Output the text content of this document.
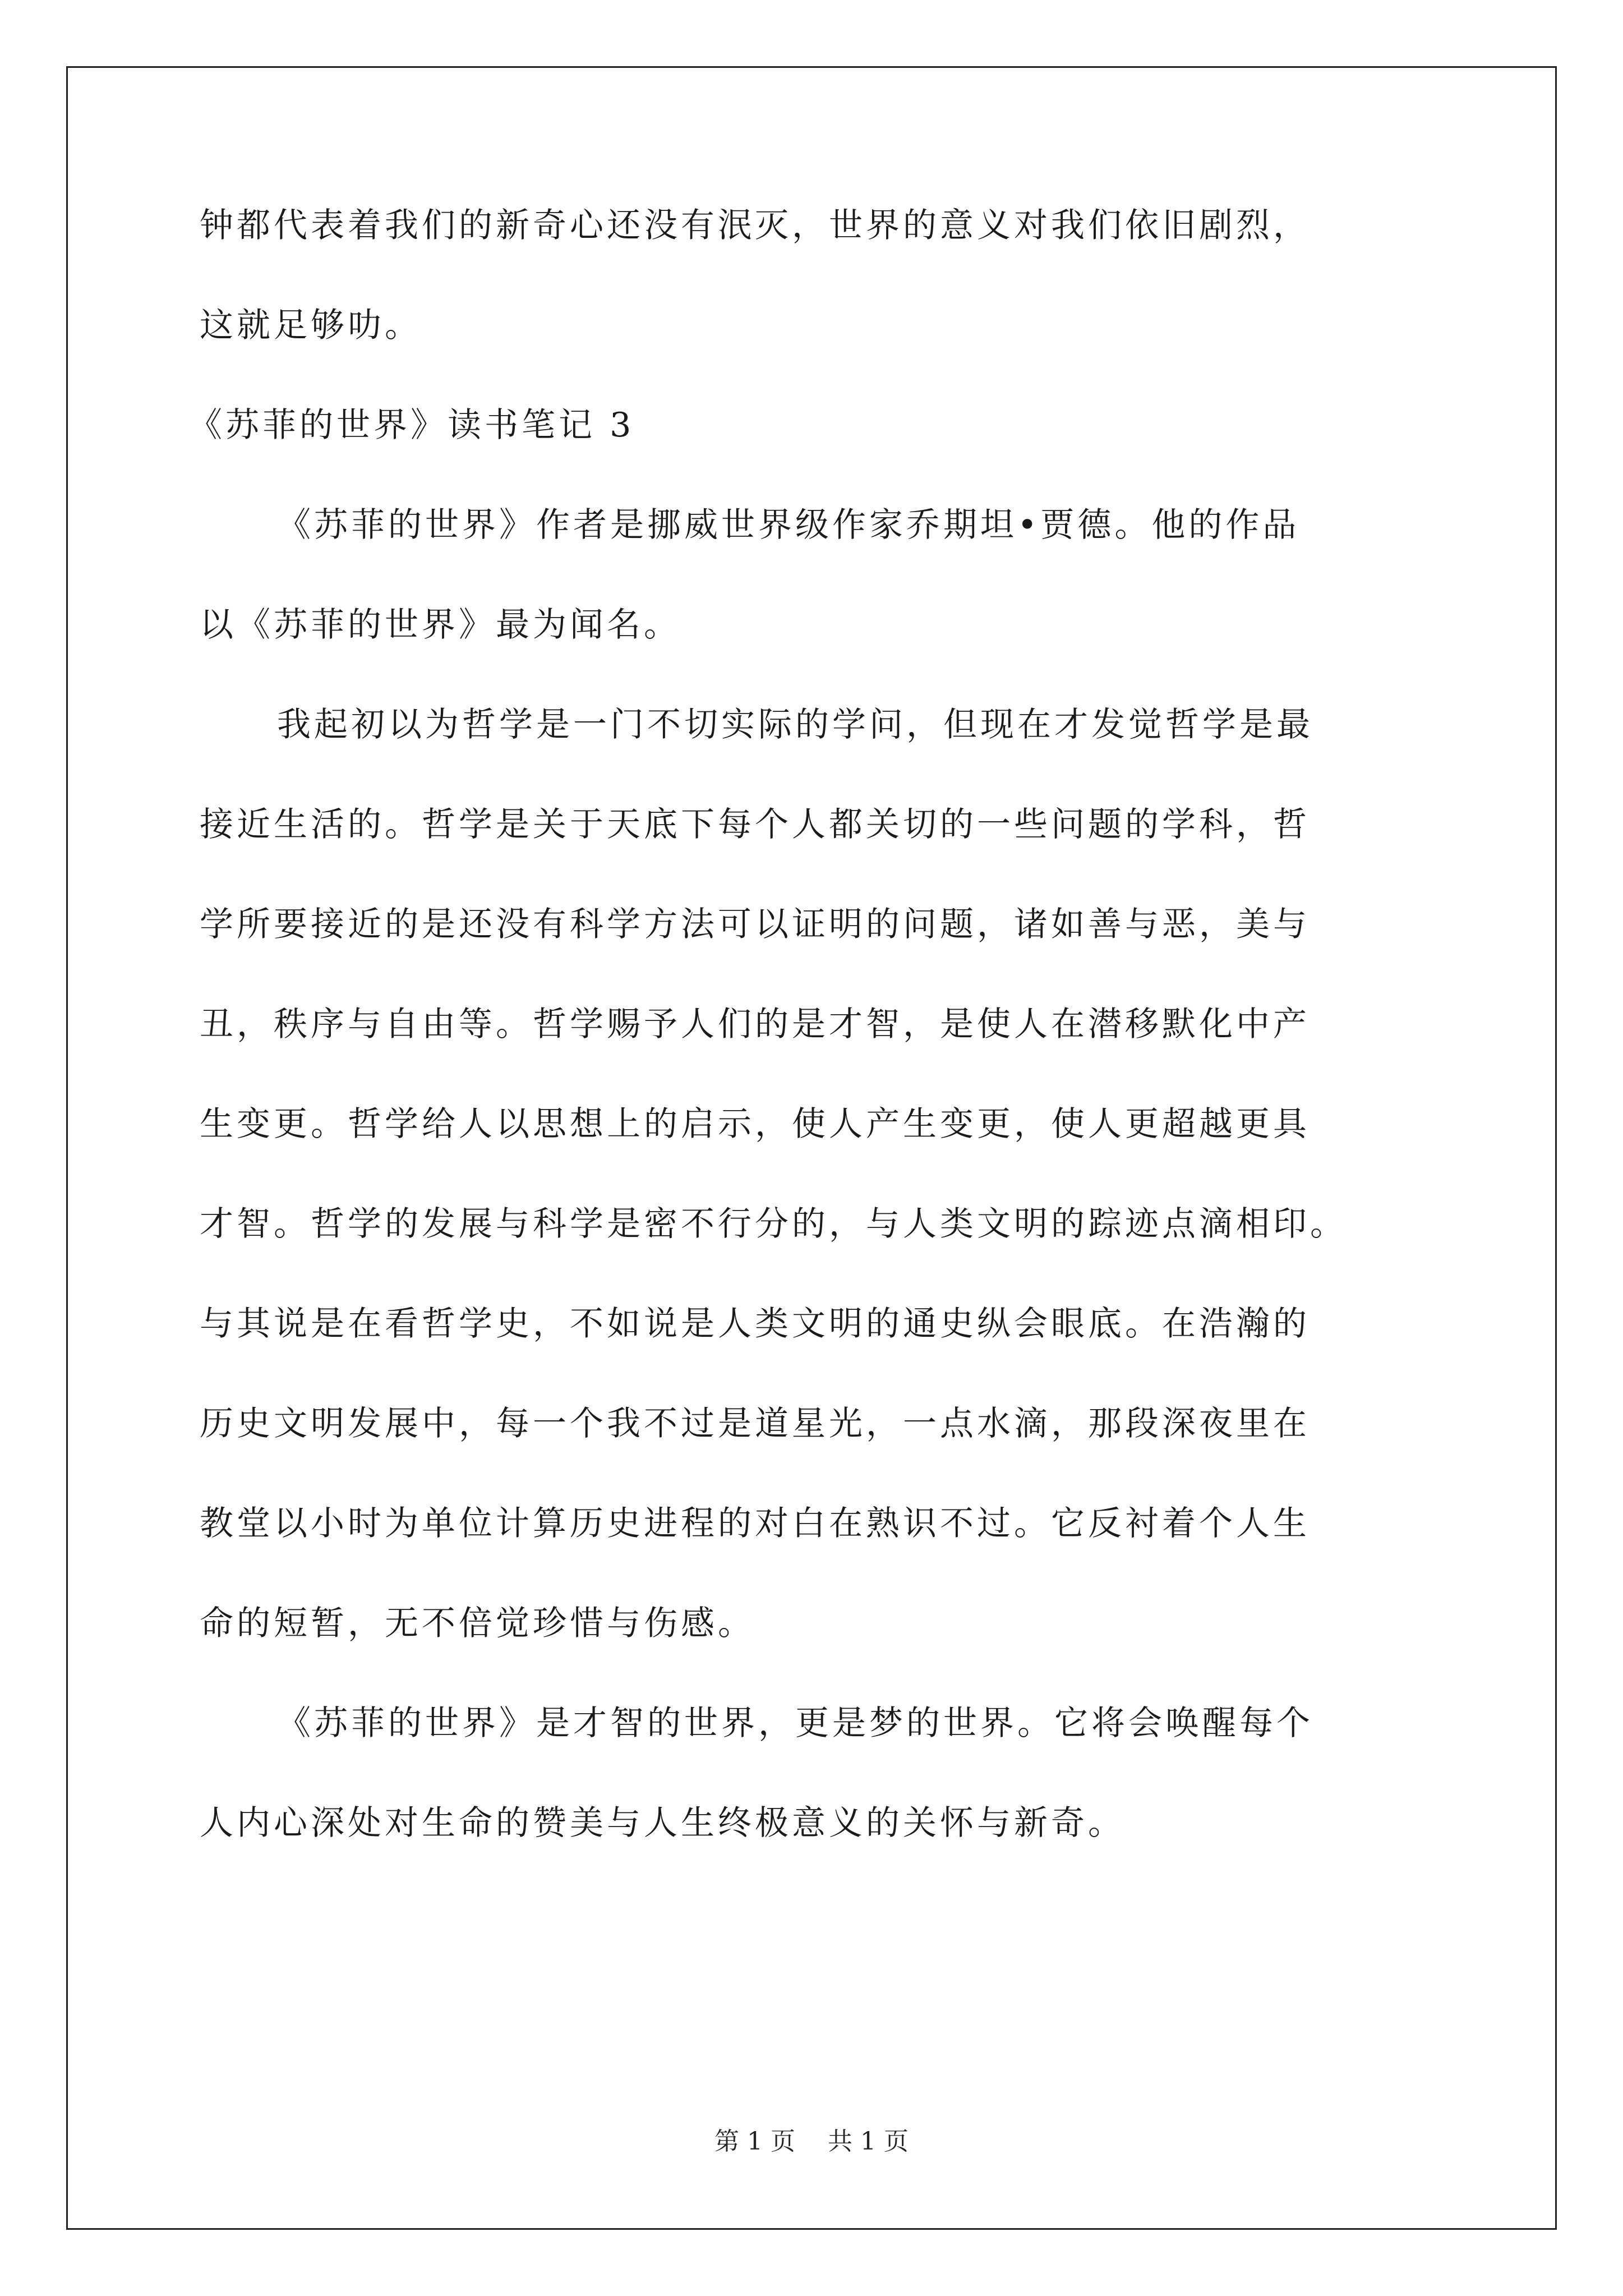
钟都代表着我们的新奇心还没有泯灭，世界的意义对我们依旧剧烈，
这就足够叻。
《苏菲的世界》读书笔记 3
《苏菲的世界》作者是挪威世界级作家乔期坦•贾德。他的作品
以《苏菲的世界》最为闻名。
我起初以为哲学是一门不切实际的学问，但现在才发觉哲学是最
接近生活的。哲学是关于天底下每个人都关切的一些问题的学科，哲
学所要接近的是还没有科学方法可以证明的问题，诸如善与恶，美与
丑，秩序与自由等。哲学赐予人们的是才智，是使人在潜移默化中产
生变更。哲学给人以思想上的启示，使人产生变更，使人更超越更具
才智。哲学的发展与科学是密不行分的，与人类文明的踪迹点滴相印。
与其说是在看哲学史，不如说是人类文明的通史纵会眼底。在浩瀚的
历史文明发展中，每一个我不过是道星光，一点水滴，那段深夜里在
教堂以小时为单位计算历史进程的对白在熟识不过。它反衬着个人生
命的短暂，无不倍觉珍惜与伤感。
《苏菲的世界》是才智的世界，更是梦的世界。它将会唤醒每个
人内心深处对生命的赞美与人生终极意义的关怀与新奇。
第 1 页 共 1 页
